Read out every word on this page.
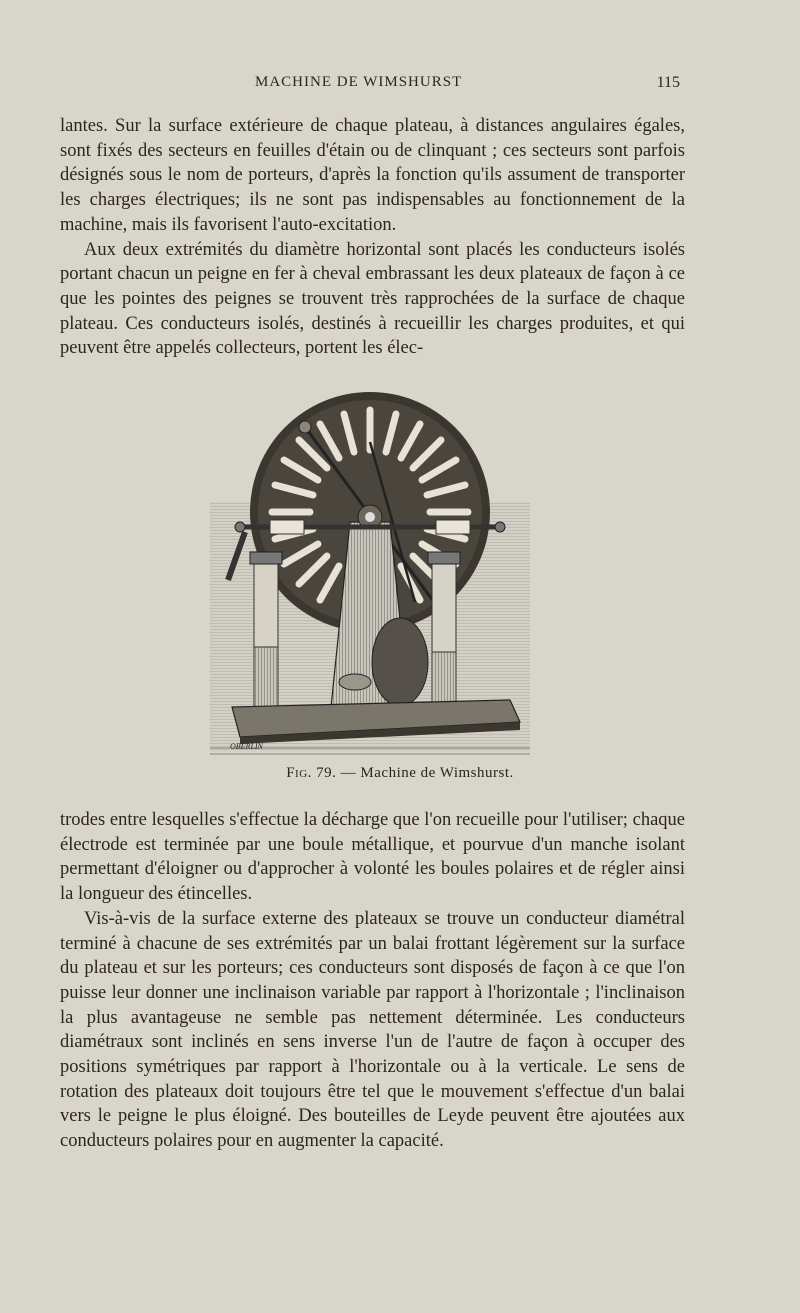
MACHINE DE WIMSHURST	115

lantes. Sur la surface extérieure de chaque plateau, à distances angulaires égales, sont fixés des secteurs en feuilles d'étain ou de clinquant ; ces secteurs sont parfois désignés sous le nom de porteurs, d'après la fonction qu'ils assument de transporter les charges électriques; ils ne sont pas indispensables au fonctionnement de la machine, mais ils favorisent l'auto-excitation.

Aux deux extrémités du diamètre horizontal sont placés les conducteurs isolés portant chacun un peigne en fer à cheval embrassant les deux plateaux de façon à ce que les pointes des peignes se trouvent très rapprochées de la surface de chaque plateau. Ces conducteurs isolés, destinés à recueillir les charges produites, et qui peuvent être appelés collecteurs, portent les élec-

OBERLIN
Fig. 79. — Machine de Wimshurst.

trodes entre lesquelles s'effectue la décharge que l'on recueille pour l'utiliser; chaque électrode est terminée par une boule métallique, et pourvue d'un manche isolant permettant d'éloigner ou d'approcher à volonté les boules polaires et de régler ainsi la longueur des étincelles.

Vis-à-vis de la surface externe des plateaux se trouve un conducteur diamétral terminé à chacune de ses extrémités par un balai frottant légèrement sur la surface du plateau et sur les porteurs; ces conducteurs sont disposés de façon à ce que l'on puisse leur donner une inclinaison variable par rapport à l'horizontale ; l'inclinaison la plus avantageuse ne semble pas nettement déterminée. Les conducteurs diamétraux sont inclinés en sens inverse l'un de l'autre de façon à occuper des positions symétriques par rapport à l'horizontale ou à la verticale. Le sens de rotation des plateaux doit toujours être tel que le mouvement s'effectue d'un balai vers le peigne le plus éloigné. Des bouteilles de Leyde peuvent être ajoutées aux conducteurs polaires pour en augmenter la capacité.
